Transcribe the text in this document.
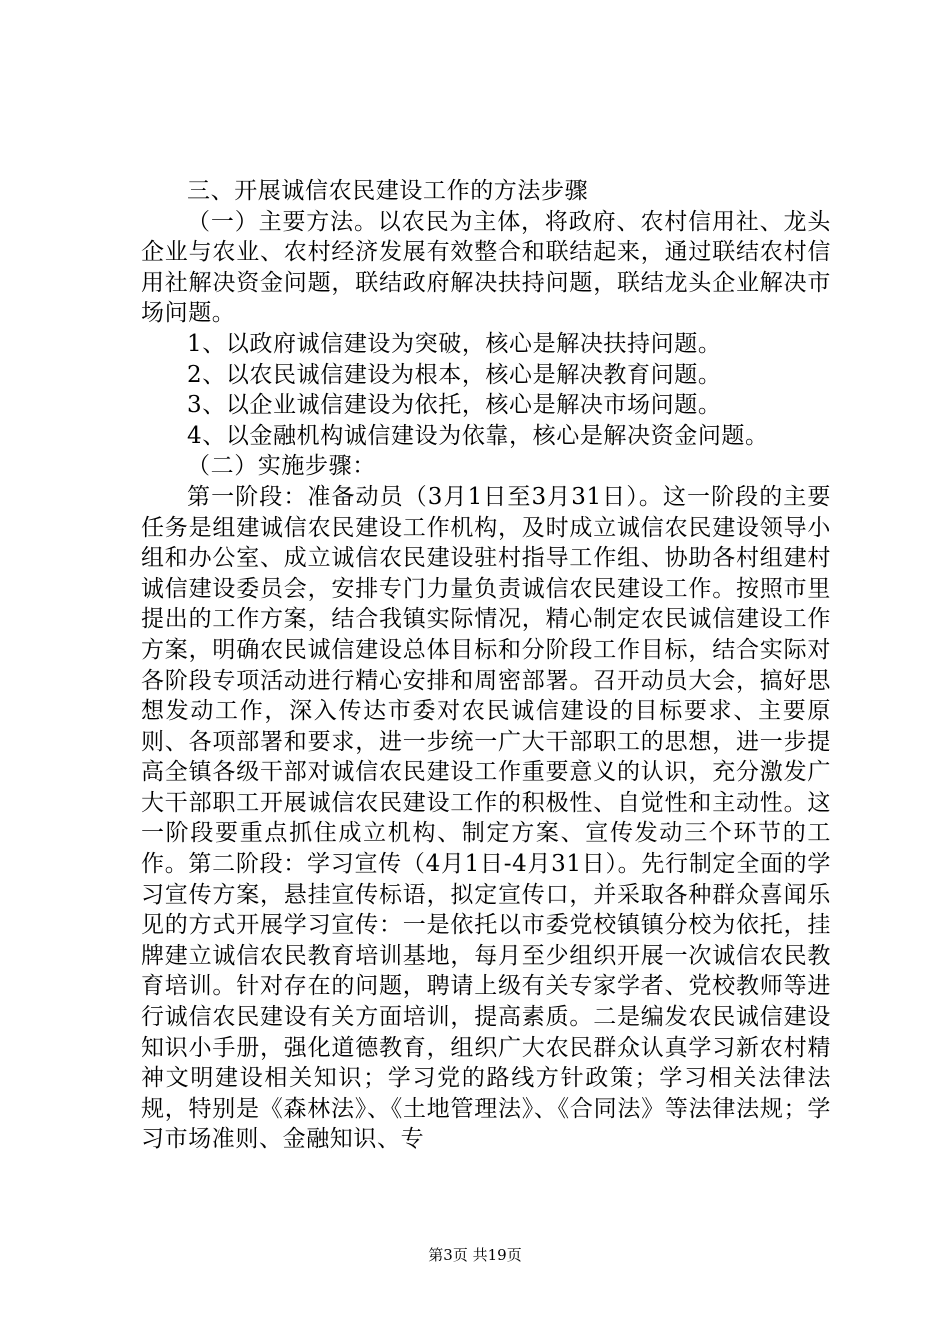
三、开展诚信农民建设工作的方法步骤

（一）主要方法。以农民为主体，将政府、农村信用社、龙头企业与农业、农村经济发展有效整合和联结起来，通过联结农村信用社解决资金问题，联结政府解决扶持问题，联结龙头企业解决市场问题。

1、以政府诚信建设为突破，核心是解决扶持问题。

2、以农民诚信建设为根本，核心是解决教育问题。

3、以企业诚信建设为依托，核心是解决市场问题。

4、以金融机构诚信建设为依靠，核心是解决资金问题。

（二）实施步骤：

第一阶段：准备动员（3月1日至3月31日）。这一阶段的主要任务是组建诚信农民建设工作机构，及时成立诚信农民建设领导小组和办公室、成立诚信农民建设驻村指导工作组、协助各村组建村诚信建设委员会，安排专门力量负责诚信农民建设工作。按照市里提出的工作方案，结合我镇实际情况，精心制定农民诚信建设工作方案，明确农民诚信建设总体目标和分阶段工作目标，结合实际对各阶段专项活动进行精心安排和周密部署。召开动员大会，搞好思想发动工作，深入传达市委对农民诚信建设的目标要求、主要原则、各项部署和要求，进一步统一广大干部职工的思想，进一步提高全镇各级干部对诚信农民建设工作重要意义的认识，充分激发广大干部职工开展诚信农民建设工作的积极性、自觉性和主动性。这一阶段要重点抓住成立机构、制定方案、宣传发动三个环节的工作。第二阶段：学习宣传（4月1日-4月31日）。先行制定全面的学习宣传方案，悬挂宣传标语，拟定宣传口，并采取各种群众喜闻乐见的方式开展学习宣传：一是依托以市委党校镇镇分校为依托，挂牌建立诚信农民教育培训基地，每月至少组织开展一次诚信农民教育培训。针对存在的问题，聘请上级有关专家学者、党校教师等进行诚信农民建设有关方面培训，提高素质。二是编发农民诚信建设知识小手册，强化道德教育，组织广大农民群众认真学习新农村精神文明建设相关知识；学习党的路线方针政策；学习相关法律法规，特别是《森林法》、《土地管理法》、《合同法》等法律法规；学习市场准则、金融知识、专

第3页 共19页
